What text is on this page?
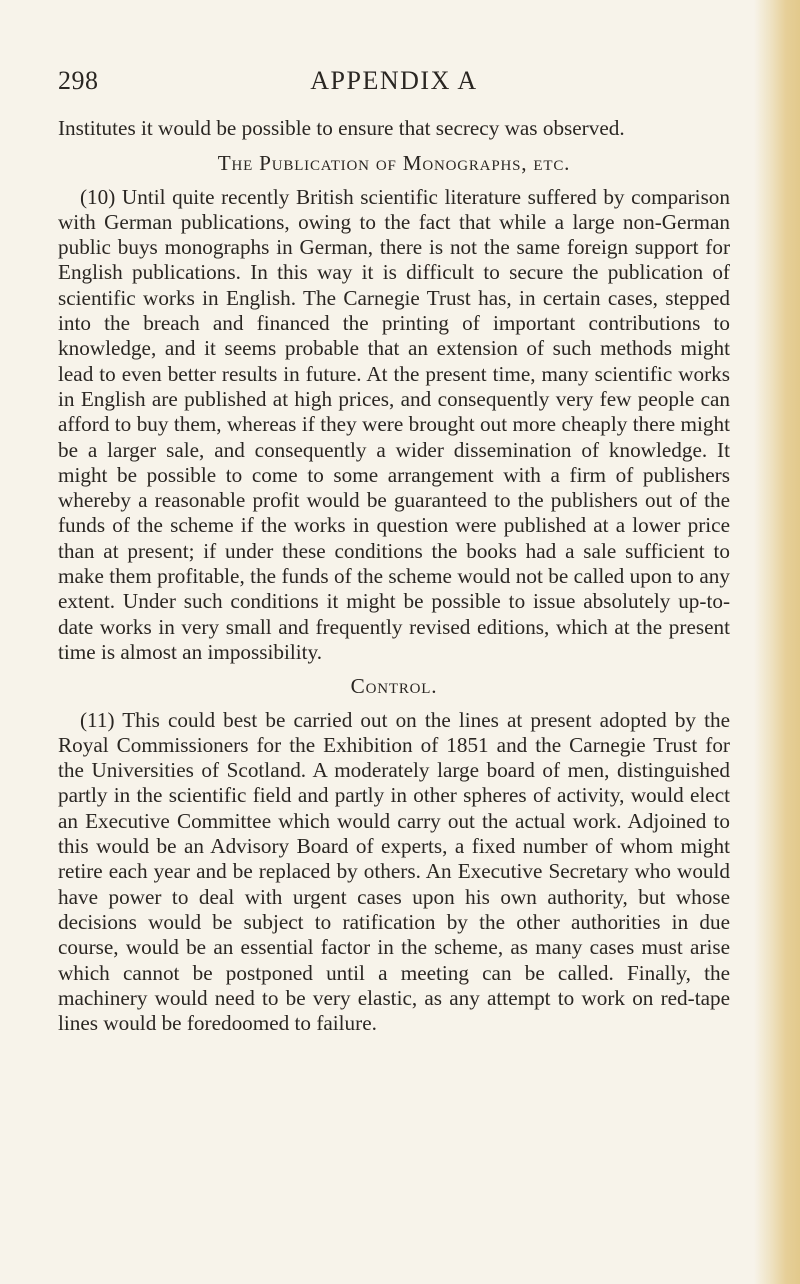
298	APPENDIX A

Institutes it would be possible to ensure that secrecy was observed.

The Publication of Monographs, etc.

(10) Until quite recently British scientific literature suffered by comparison with German publications, owing to the fact that while a large non-German public buys monographs in German, there is not the same foreign support for English publications. In this way it is difficult to secure the publication of scientific works in English. The Carnegie Trust has, in certain cases, stepped into the breach and financed the printing of important contributions to knowledge, and it seems probable that an extension of such methods might lead to even better results in future. At the present time, many scientific works in English are published at high prices, and consequently very few people can afford to buy them, whereas if they were brought out more cheaply there might be a larger sale, and consequently a wider dissemination of knowledge. It might be possible to come to some arrangement with a firm of publishers whereby a reasonable profit would be guaranteed to the publishers out of the funds of the scheme if the works in question were published at a lower price than at present; if under these conditions the books had a sale sufficient to make them profitable, the funds of the scheme would not be called upon to any extent. Under such conditions it might be possible to issue absolutely up-to-date works in very small and frequently revised editions, which at the present time is almost an impossibility.

Control.

(11) This could best be carried out on the lines at present adopted by the Royal Commissioners for the Exhibition of 1851 and the Carnegie Trust for the Universities of Scotland. A moderately large board of men, distinguished partly in the scientific field and partly in other spheres of activity, would elect an Executive Committee which would carry out the actual work. Adjoined to this would be an Advisory Board of experts, a fixed number of whom might retire each year and be replaced by others. An Executive Secretary who would have power to deal with urgent cases upon his own authority, but whose decisions would be subject to ratification by the other authorities in due course, would be an essential factor in the scheme, as many cases must arise which cannot be postponed until a meeting can be called. Finally, the machinery would need to be very elastic, as any attempt to work on red-tape lines would be foredoomed to failure.
